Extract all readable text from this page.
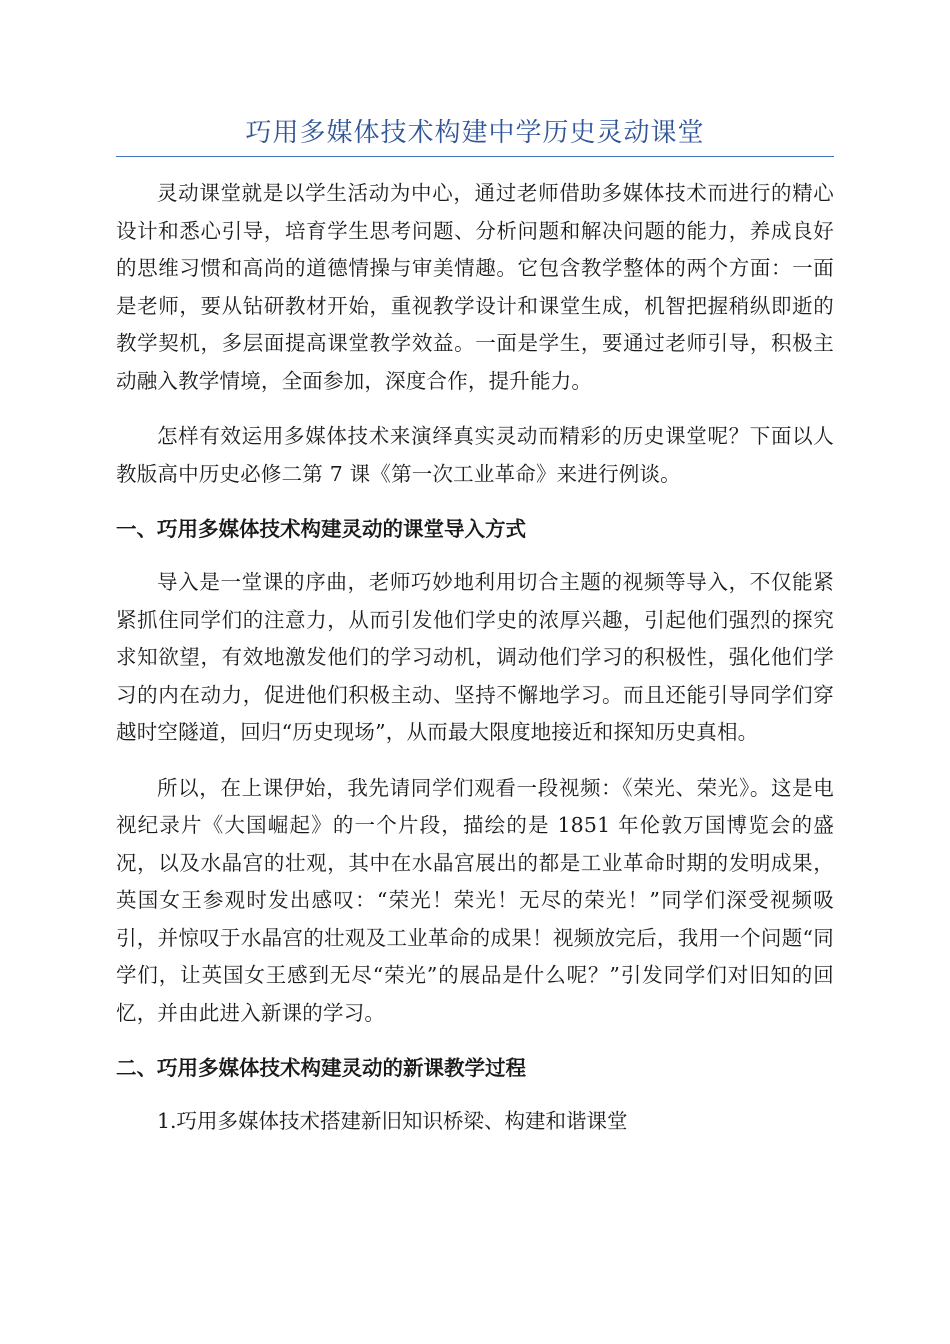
巧用多媒体技术构建中学历史灵动课堂

灵动课堂就是以学生活动为中心，通过老师借助多媒体技术而进行的精心设计和悉心引导，培育学生思考问题、分析问题和解决问题的能力，养成良好的思维习惯和高尚的道德情操与审美情趣。它包含教学整体的两个方面：一面是老师，要从钻研教材开始，重视教学设计和课堂生成，机智把握稍纵即逝的教学契机，多层面提高课堂教学效益。一面是学生，要通过老师引导，积极主动融入教学情境，全面参加，深度合作，提升能力。

怎样有效运用多媒体技术来演绎真实灵动而精彩的历史课堂呢？下面以人教版高中历史必修二第 7 课《第一次工业革命》来进行例谈。

一、巧用多媒体技术构建灵动的课堂导入方式

导入是一堂课的序曲，老师巧妙地利用切合主题的视频等导入，不仅能紧紧抓住同学们的注意力，从而引发他们学史的浓厚兴趣，引起他们强烈的探究求知欲望，有效地激发他们的学习动机，调动他们学习的积极性，强化他们学习的内在动力，促进他们积极主动、坚持不懈地学习。而且还能引导同学们穿越时空隧道，回归“历史现场”，从而最大限度地接近和探知历史真相。

所以，在上课伊始，我先请同学们观看一段视频：《荣光、荣光》。这是电视纪录片《大国崛起》的一个片段，描绘的是 1851 年伦敦万国博览会的盛况，以及水晶宫的壮观，其中在水晶宫展出的都是工业革命时期的发明成果，英国女王参观时发出感叹：“荣光！荣光！无尽的荣光！”同学们深受视频吸引，并惊叹于水晶宫的壮观及工业革命的成果！视频放完后，我用一个问题“同学们，让英国女王感到无尽“荣光”的展品是什么呢？”引发同学们对旧知的回忆，并由此进入新课的学习。

二、巧用多媒体技术构建灵动的新课教学过程

1.巧用多媒体技术搭建新旧知识桥梁、构建和谐课堂
